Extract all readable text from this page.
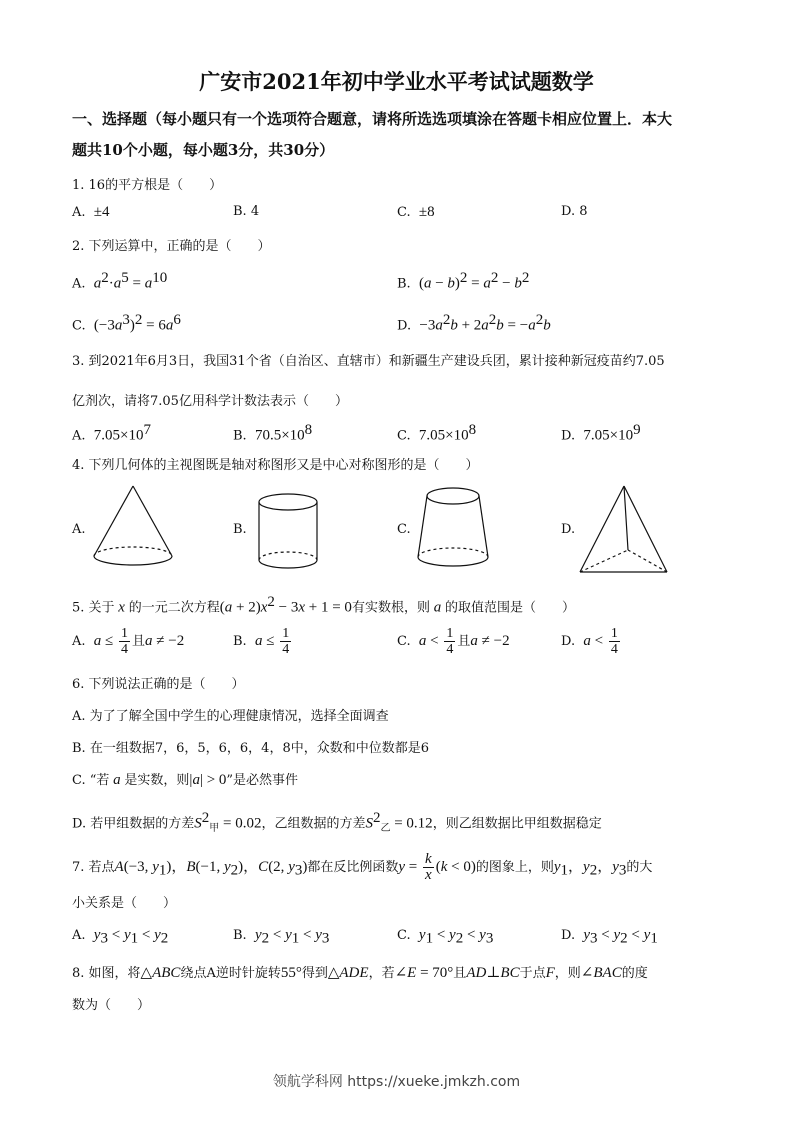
广安市2021年初中学业水平考试试题数学
一、选择题（每小题只有一个选项符合题意，请将所选选项填涂在答题卡相应位置上．本大
题共10个小题，每小题3分，共30分）
1. 16的平方根是（　　）
A. ±4	B. 4	C. ±8	D. 8
2. 下列运算中，正确的是（　　）
A. $a^2\cdot a^5 = a^{10}$	B. $(a - b)^2 = a^2 - b^2$
C. $(-3a^3)^2 = 6a^6$	D. $-3a^2b + 2a^2b = -a^2b$
3. 到2021年6月3日，我国31个省（自治区、直辖市）和新疆生产建设兵团，累计接种新冠疫苗约7.05
亿剂次，请将7.05亿用科学计数法表示（　　）
A. $7.05\times 10^7$	B. $70.5\times 10^8$	C. $7.05\times 10^8$	D. $7.05\times 10^9$
4. 下列几何体的主视图既是轴对称图形又是中心对称图形的是（　　）
A.	B.	C.	D.
5. 关于 x 的一元二次方程$(a + 2)x^2 - 3x + 1 = 0$有实数根，则 a 的取值范围是（　　）
A. $a \le \frac{1}{4}$ 且a ≠ −2	B. $a \le \frac{1}{4}$	C. $a < \frac{1}{4}$ 且a ≠ −2	D. $a < \frac{1}{4}$
6. 下列说法正确的是（　　）
A. 为了了解全国中学生的心理健康情况，选择全面调查
B. 在一组数据7，6，5，6，6，4，8中，众数和中位数都是6
C. “若 a 是实数，则|a| > 0”是必然事件
D. 若甲组数据的方差$S^2_甲 = 0.02$，乙组数据的方差$S^2_乙 = 0.12$，则乙组数据比甲组数据稳定
7. 若点A(−3, $y_1$)，B(−1, $y_2$)，C(2, $y_3$)都在反比例函数$y = \frac{k}{x} (k < 0)$的图象上，则$y_1$，$y_2$，$y_3$的大
小关系是（　　）
A. $y_3 < y_1 < y_2$	B. $y_2 < y_1 < y_3$	C. $y_1 < y_2 < y_3$	D. $y_3 < y_2 < y_1$
8. 如图，将△ABC绕点A逆时针旋转55°得到△ADE，若∠E = 70°且AD⊥BC于点F，则∠BAC的度
数为（　　）
领航学科网 https://xueke.jmkzh.com
